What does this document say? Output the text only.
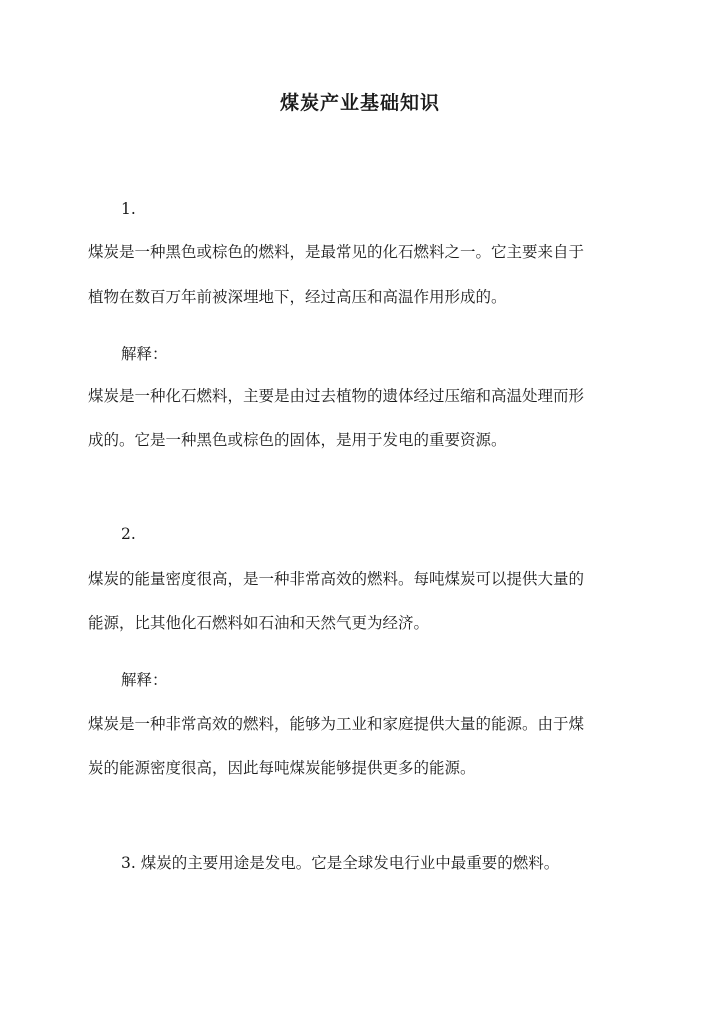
煤炭产业基础知识
1.
煤炭是一种黑色或棕色的燃料，是最常见的化石燃料之一。它主要来自于
植物在数百万年前被深埋地下，经过高压和高温作用形成的。
解释：
煤炭是一种化石燃料，主要是由过去植物的遗体经过压缩和高温处理而形
成的。它是一种黑色或棕色的固体，是用于发电的重要资源。
2.
煤炭的能量密度很高，是一种非常高效的燃料。每吨煤炭可以提供大量的
能源，比其他化石燃料如石油和天然气更为经济。
解释：
煤炭是一种非常高效的燃料，能够为工业和家庭提供大量的能源。由于煤
炭的能源密度很高，因此每吨煤炭能够提供更多的能源。
3. 煤炭的主要用途是发电。它是全球发电行业中最重要的燃料。
